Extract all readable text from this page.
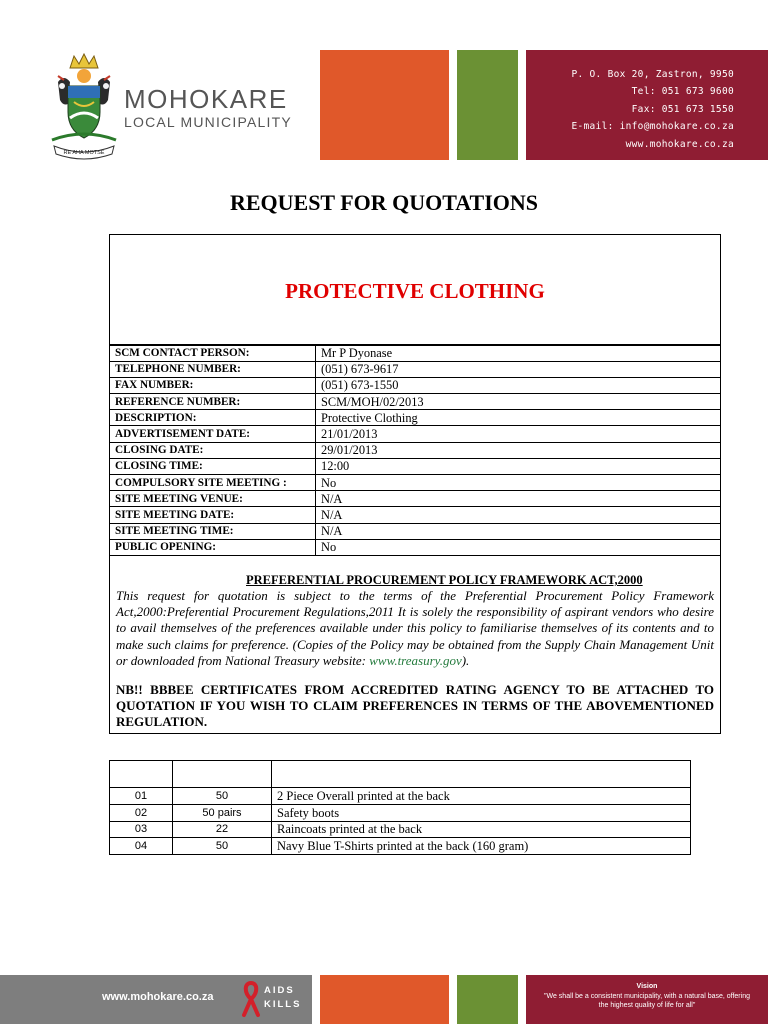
RE AHA MOTSE
MOHOKARE
LOCAL MUNICIPALITY
P. O. Box 20, Zastron, 9950
Tel: 051 673 9600
Fax: 051 673 1550
E-mail: info@mohokare.co.za
www.mohokare.co.za
REQUEST FOR QUOTATIONS
PROTECTIVE CLOTHING
SCM CONTACT PERSON:	Mr P Dyonase
TELEPHONE NUMBER:	(051) 673-9617
FAX NUMBER:	(051) 673-1550
REFERENCE NUMBER:	SCM/MOH/02/2013
DESCRIPTION:	Protective Clothing
ADVERTISEMENT DATE:	21/01/2013
CLOSING DATE:	29/01/2013
CLOSING TIME:	12:00
COMPULSORY SITE MEETING :	No
SITE MEETING VENUE:	N/A
SITE MEETING DATE:	N/A
SITE MEETING TIME:	N/A
PUBLIC OPENING:	No
PREFERENTIAL PROCUREMENT POLICY FRAMEWORK ACT,2000
This request for quotation is subject to the terms of the Preferential Procurement Policy Framework Act,2000:Preferential Procurement Regulations,2011 It is solely the responsibility of aspirant vendors who desire to avail themselves of the preferences available under this policy to familiarise themselves of its contents and to make such claims for preference. (Copies of the Policy may be obtained from the Supply Chain Management Unit or downloaded from National Treasury website: www.treasury.gov).
NB!! BBBEE CERTIFICATES FROM ACCREDITED RATING AGENCY TO BE ATTACHED TO QUOTATION IF YOU WISH TO CLAIM PREFERENCES IN TERMS OF THE ABOVEMENTIONED REGULATION.

01	50	2 Piece Overall printed at the back
02	50 pairs	Safety boots
03	22	Raincoats printed at the back
04	50	Navy Blue T-Shirts printed at the back (160 gram)
www.mohokare.co.za
AIDS
KILLS
Vision
"We shall be a consistent municipality, with a natural base, offering the highest quality of life for all"
